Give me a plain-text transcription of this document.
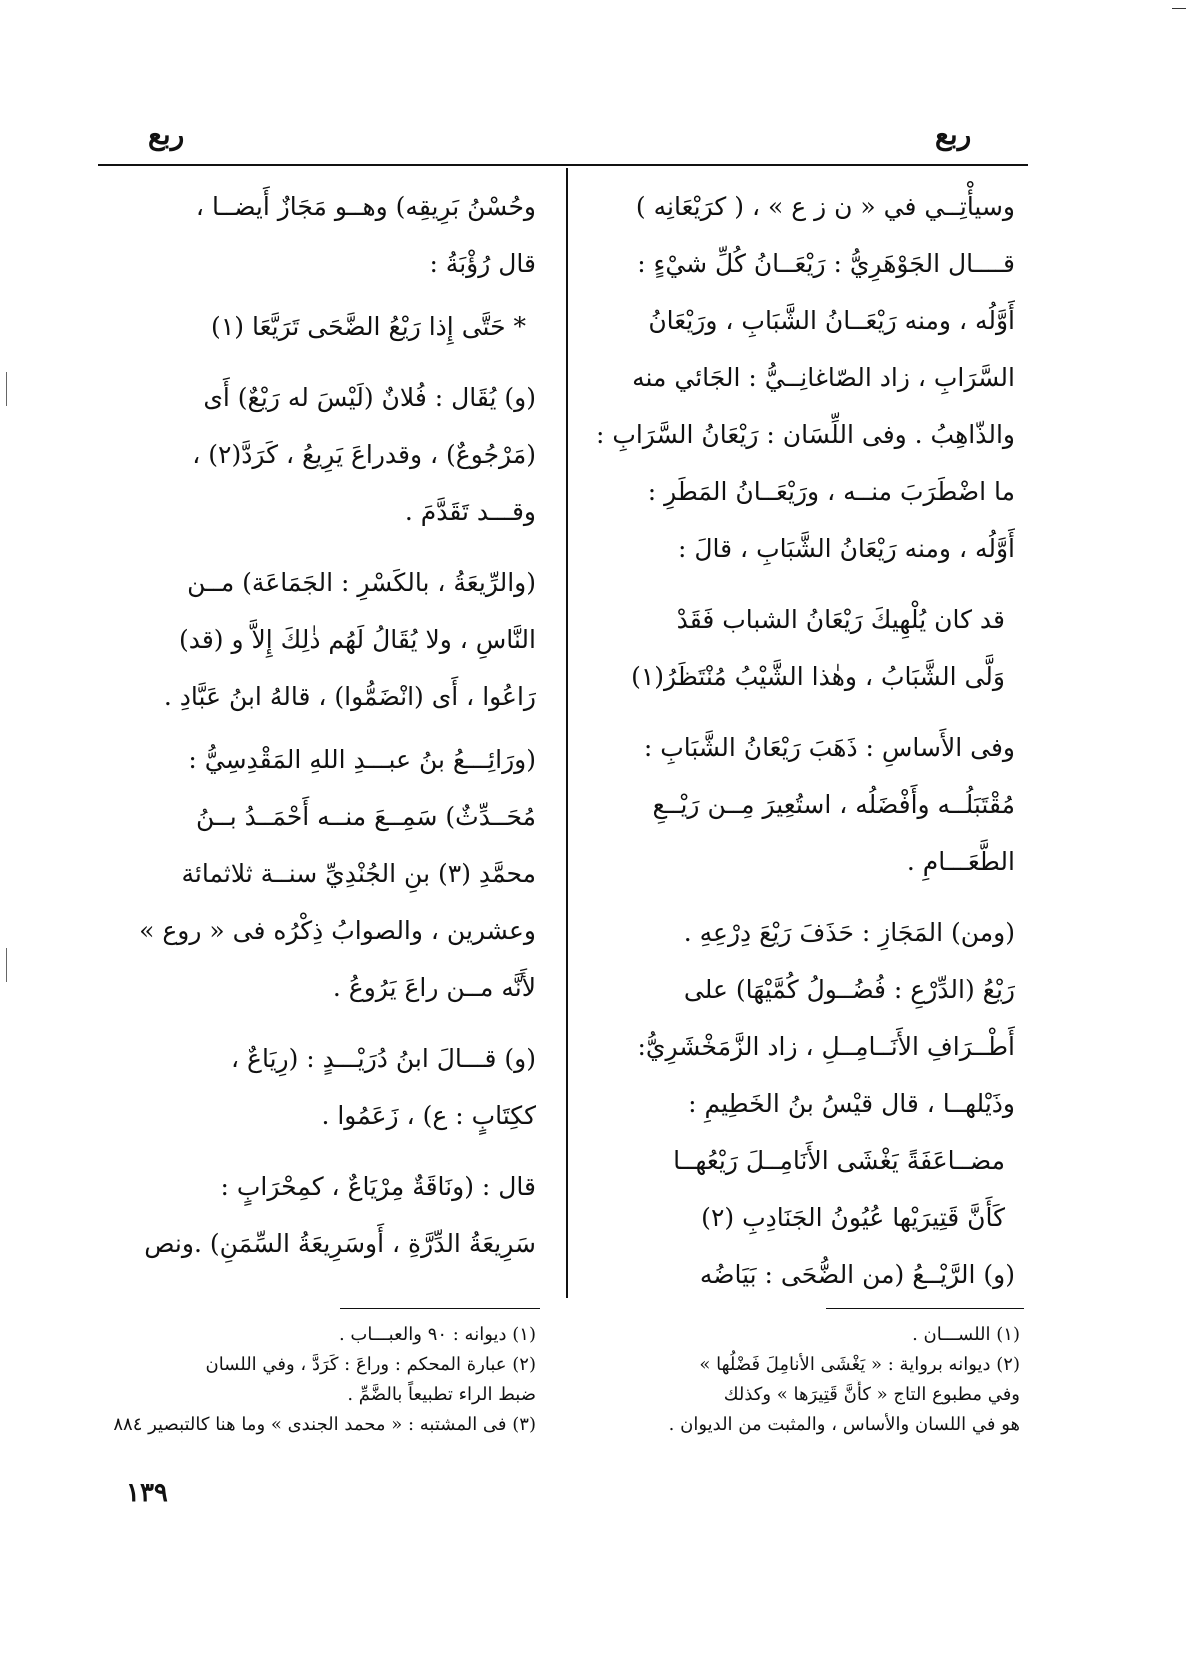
ربع
ربع
وسيأْتِــي في « ن ز ع » ، ( كرَيْعَانِه )
قــــال الجَوْهَرِيُّ : رَيْعَــانُ كُلِّ شيْءٍ :
أَوَّلُه ، ومنه رَيْعَــانُ الشَّبَابِ ، ورَيْعَانُ
السَّرَابِ ، زاد الصّاغانِــيُّ : الجَائي منه
والذّاهِبُ . وفى اللِّسَان : رَيْعَانُ السَّرَابِ :
ما اضْطَرَبَ منــه ، ورَيْعَــانُ المَطَرِ :
أَوَّلُه ، ومنه رَيْعَانُ الشَّبَابِ ، قالَ :
قد كان يُلْهِيكَ رَيْعَانُ الشباب فَقَدْ
وَلَّى الشَّبَابُ ، وهٰذا الشَّيْبُ مُنْتَظَرُ(١)
وفى الأَساسِ : ذَهَبَ رَيْعَانُ الشَّبَابِ :
مُقْتَبَلُــه وأَفْضَلُه ، استُعِيرَ مِــن رَيْــعِ
الطَّعَـــامِ .
(ومن) المَجَازِ : حَذَفَ رَيْعَ دِرْعِهِ .
رَيْعُ (الدِّرْعِ : فُضُــولُ كُمَّيْهَا) على
أَطْــرَافِ الأَنَــامِــلِ ، زاد الزَّمَخْشَرِيُّ:
وذَيْلهــا ، قال قيْسُ بنُ الخَطِيمِ :
مضــاعَفَةً يَغْشَى الأَنَامِــلَ رَيْعُهــا
كَأَنَّ قَتِيرَيْها عُيُونُ الجَنَادِبِ (٢)
(و) الرَّيْــعُ (من الضُّحَى : بَيَاضُه
وحُسْنُ بَرِيقِه) وهــو مَجَازٌ أَيضــا ،
قال رُؤْبَةُ :
* حَتَّى إِذا رَيْعُ الضَّحَى تَرَيَّعَا (١)
(و) يُقَال : فُلانٌ (لَيْسَ له رَيْعٌ) أَى
(مَرْجُوعٌ) ، وقدراعَ يَرِيعُ ، كَرَدَّ(٢) ،
وقـــد تَقَدَّمَ .
(والرِّيعَةُ ، بالكَسْرِ : الجَمَاعَة) مــن
النَّاسِ ، ولا يُقَالُ لَهُم ذٰلِكَ إِلاَّ و (قد)
رَاعُوا ، أَى (انْضَمُّوا) ، قالهُ ابنُ عَبَّادِ .
(ورَائِـــعُ بنُ عبـــدِ اللهِ المَقْدِسِيُّ :
مُحَــدِّثٌ) سَمِــعَ منــه أَحْمَــدُ بــنُ
محمَّدِ (٣) بنِ الجُنْدِيِّ سنــة ثلاثمائة
وعشرين ، والصوابُ ذِكْرُه فى « روع »
لأَنَّه مــن راعَ يَرُوعُ .
(و) قـــالَ ابنُ دُرَيْـــدٍ : (رِيَاعٌ ،
ككِتَابٍ : ع) ، زَعَمُوا .
قال : (ونَاقَةٌ مِرْيَاعٌ ، كمِحْرَابٍ :
سَرِيعَةُ الدِّرَّةِ ، أَوسَرِيعَةُ السِّمَنِ) .ونص
(١) اللســـان .
(٢) ديوانه برواية : « يَغْشَى الأنامِلَ فَضْلُها »
وفي مطبوع التاج « كأَنَّ قَتِيرَها » وكذلك
هو في اللسان والأساس ، والمثبت من الديوان .
(١) ديوانه : ٩٠ والعبـــاب .
(٢) عبارة المحكم : وراعَ : كَرَدَّ ، وفي اللسان
ضبط الراء تطبيعاً بالضَّمِّ .
(٣) فى المشتبه : « محمد الجندى » وما هنا كالتبصير ٨٨٤
١٣٩
